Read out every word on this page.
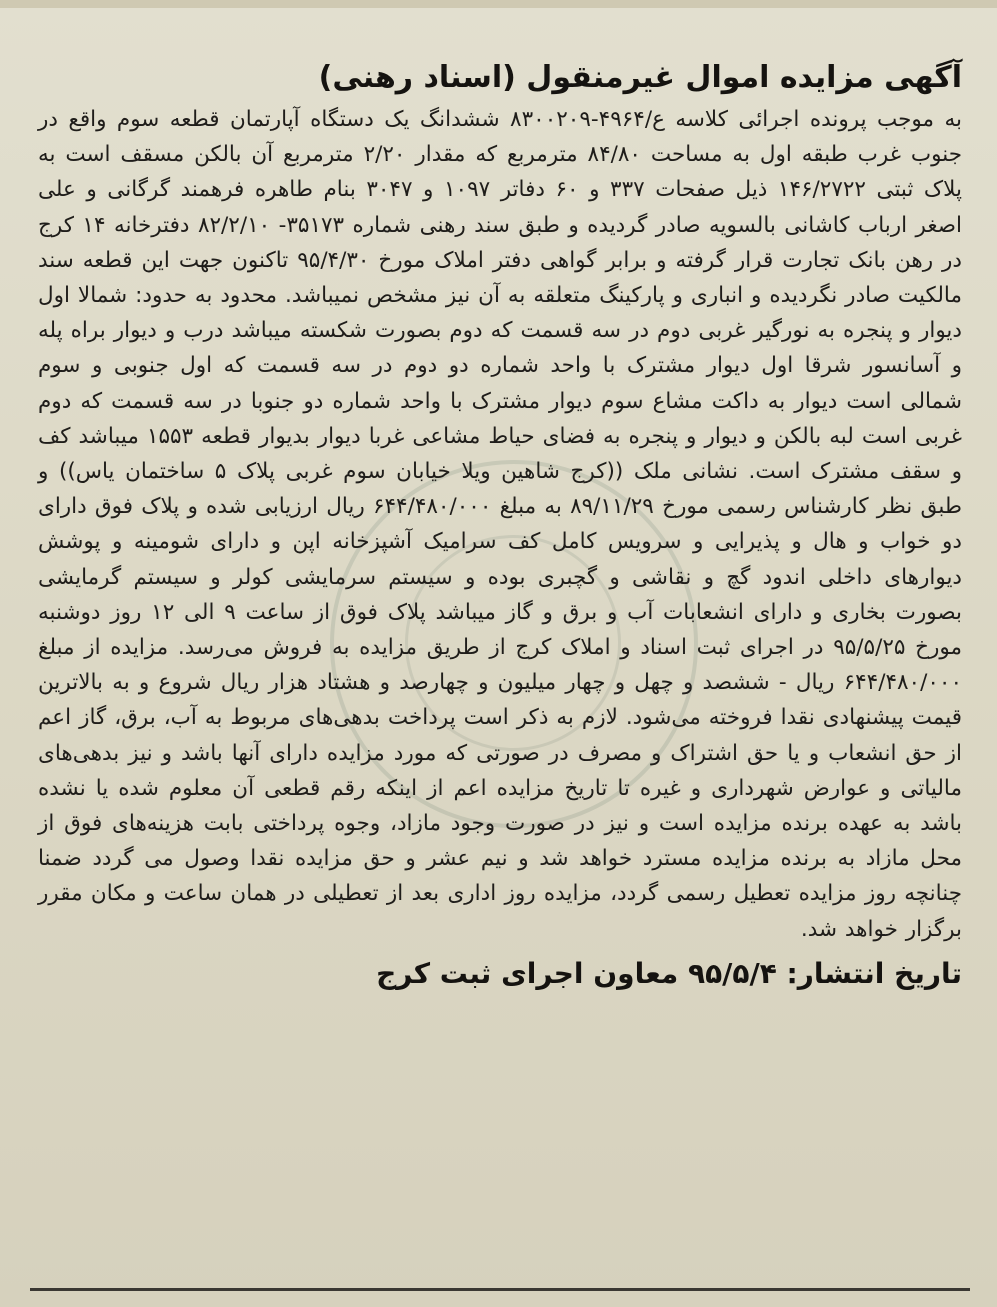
آگهی مزایده اموال غیرمنقول (اسناد رهنی)

به موجب پرونده اجرائی کلاسه ع/۴۹۶۴-۸۳۰۰۲۰۹ ششدانگ یک دستگاه آپارتمان قطعه سوم واقع در جنوب غرب طبقه اول به مساحت ۸۴/۸۰ مترمربع که مقدار ۲/۲۰ مترمربع آن بالکن مسقف است به پلاک ثبتی ۱۴۶/۲۷۲۲ ذیل صفحات ۳۳۷ و ۶۰ دفاتر ۱۰۹۷ و ۳۰۴۷ بنام طاهره فرهمند گرگانی و علی اصغر ارباب کاشانی بالسویه صادر گردیده و طبق سند رهنی شماره ۳۵۱۷۳- ۸۲/۲/۱۰ دفترخانه ۱۴ کرج در رهن بانک تجارت قرار گرفته و برابر گواهی دفتر املاک مورخ ۹۵/۴/۳۰ تاکنون جهت این قطعه سند مالکیت صادر نگردیده و انباری و پارکینگ متعلقه به آن نیز مشخص نمیباشد. محدود به حدود: شمالا اول دیوار و پنجره به نورگیر غربی دوم در سه قسمت که دوم بصورت شکسته میباشد درب و دیوار براه پله و آسانسور شرقا اول دیوار مشترک با واحد شماره دو دوم در سه قسمت که اول جنوبی و سوم شمالی است دیوار به داکت مشاع سوم دیوار مشترک با واحد شماره دو جنوبا در سه قسمت که دوم غربی است لبه بالکن و دیوار و پنجره به فضای حیاط مشاعی غربا دیوار بدیوار قطعه ۱۵۵۳ میباشد کف و سقف مشترک است. نشانی ملک ((کرج شاهین ویلا خیابان سوم غربی پلاک ۵ ساختمان یاس)) و طبق نظر کارشناس رسمی مورخ ۸۹/۱۱/۲۹ به مبلغ ۶۴۴/۴۸۰/۰۰۰ ریال ارزیابی شده و پلاک فوق دارای دو خواب و هال و پذیرایی و سرویس کامل کف سرامیک آشپزخانه اپن و دارای شومینه و پوشش دیوارهای داخلی اندود گچ و نقاشی و گچبری بوده و سیستم سرمایشی کولر و سیستم گرمایشی بصورت بخاری و دارای انشعابات آب و برق و گاز میباشد پلاک فوق از ساعت ۹ الی ۱۲ روز دوشنبه مورخ ۹۵/۵/۲۵ در اجرای ثبت اسناد و املاک کرج از طریق مزایده به فروش می‌رسد. مزایده از مبلغ ۶۴۴/۴۸۰/۰۰۰ ریال - ششصد و چهل و چهار میلیون و چهارصد و هشتاد هزار ریال شروع و به بالاترین قیمت پیشنهادی نقدا فروخته می‌شود. لازم به ذکر است پرداخت بدهی‌های مربوط به آب، برق، گاز اعم از حق انشعاب و یا حق اشتراک و مصرف در صورتی که مورد مزایده دارای آنها باشد و نیز بدهی‌های مالیاتی و عوارض شهرداری و غیره تا تاریخ مزایده اعم از اینکه رقم قطعی آن معلوم شده یا نشده باشد به عهده برنده مزایده است و نیز در صورت وجود مازاد، وجوه پرداختی بابت هزینه‌های فوق از محل مازاد به برنده مزایده مسترد خواهد شد و نیم عشر و حق مزایده نقدا وصول می گردد ضمنا چنانچه روز مزایده تعطیل رسمی گردد، مزایده روز اداری بعد از تعطیلی در همان ساعت و مکان مقرر برگزار خواهد شد.

تاریخ انتشار: ۹۵/۵/۴ معاون اجرای ثبت کرج
